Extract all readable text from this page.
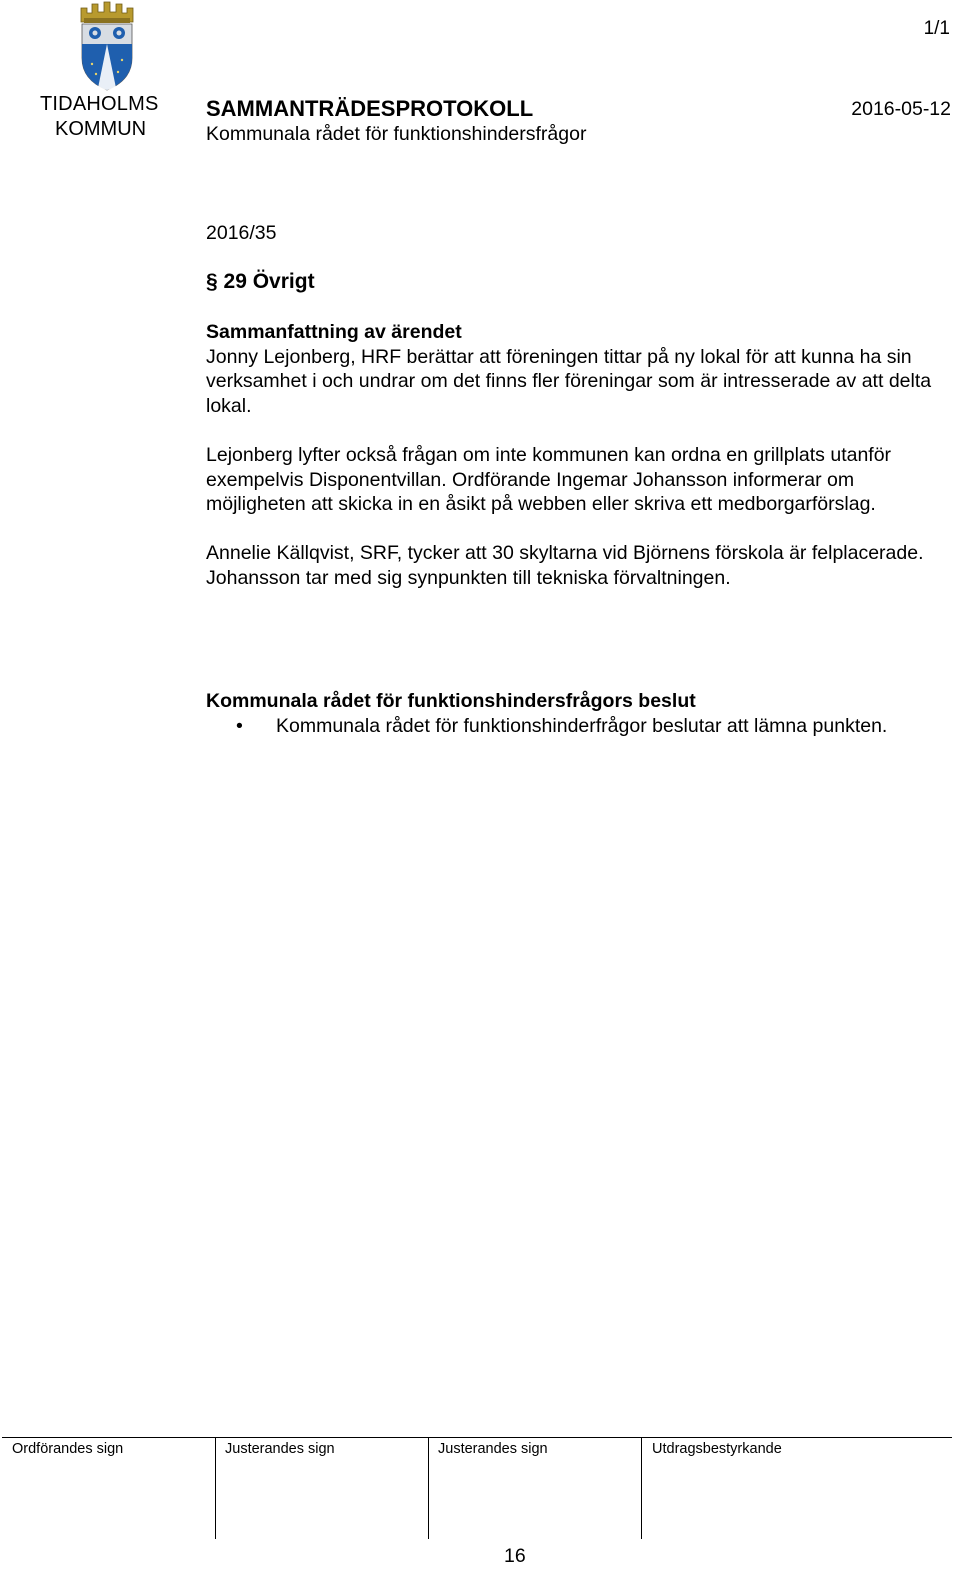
1/1
TIDAHOLMS
KOMMUN
SAMMANTRÄDESPROTOKOLL
Kommunala rådet för funktionshindersfrågor
2016-05-12
2016/35
§ 29 Övrigt
Sammanfattning av ärendet

Jonny Lejonberg, HRF berättar att föreningen tittar på ny lokal för att kunna ha sin verksamhet i och undrar om det finns fler föreningar som är intresserade av att delta lokal.

Lejonberg lyfter också frågan om inte kommunen kan ordna en grillplats utanför exempelvis Disponentvillan. Ordförande Ingemar Johansson informerar om möjligheten att skicka in en åsikt på webben eller skriva ett medborgarförslag.

Annelie Källqvist, SRF, tycker att 30 skyltarna vid Björnens förskola är felplacerade. Johansson tar med sig synpunkten till tekniska förvaltningen.

Kommunala rådet för funktionshindersfrågors beslut
• Kommunala rådet för funktionshinderfrågor beslutar att lämna punkten.
Ordförandes sign	Justerandes sign	Justerandes sign	Utdragsbestyrkande
16
